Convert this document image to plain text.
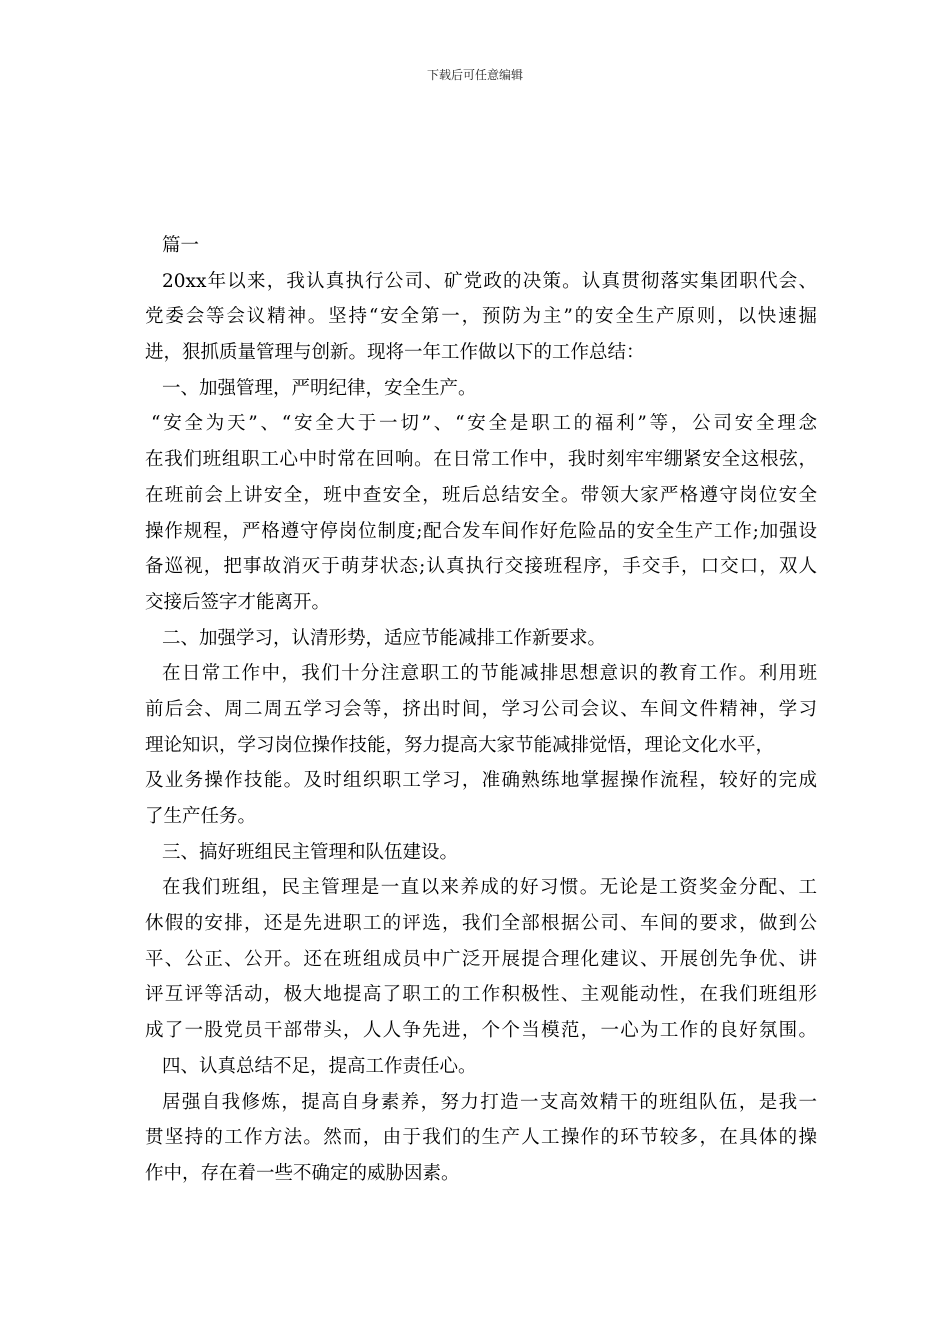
下载后可任意编辑
篇一
20xx年以来，我认真执行公司、矿党政的决策。认真贯彻落实集团职代会、
党委会等会议精神。坚持“安全第一，预防为主”的安全生产原则，以快速掘
进，狠抓质量管理与创新。现将一年工作做以下的工作总结：
一、加强管理，严明纪律，安全生产。
“安全为天”、“安全大于一切”、“安全是职工的福利”等，公司安全理念
在我们班组职工心中时常在回响。在日常工作中，我时刻牢牢绷紧安全这根弦，
在班前会上讲安全，班中查安全，班后总结安全。带领大家严格遵守岗位安全
操作规程，严格遵守停岗位制度;配合发车间作好危险品的安全生产工作;加强设
备巡视，把事故消灭于萌芽状态;认真执行交接班程序，手交手，口交口，双人
交接后签字才能离开。
二、加强学习，认清形势，适应节能减排工作新要求。
在日常工作中，我们十分注意职工的节能减排思想意识的教育工作。利用班
前后会、周二周五学习会等，挤出时间，学习公司会议、车间文件精神，学习
理论知识，学习岗位操作技能，努力提高大家节能减排觉悟，理论文化水平，
及业务操作技能。及时组织职工学习，准确熟练地掌握操作流程，较好的完成
了生产任务。
三、搞好班组民主管理和队伍建设。
在我们班组，民主管理是一直以来养成的好习惯。无论是工资奖金分配、工
休假的安排，还是先进职工的评选，我们全部根据公司、车间的要求，做到公
平、公正、公开。还在班组成员中广泛开展提合理化建议、开展创先争优、讲
评互评等活动，极大地提高了职工的工作积极性、主观能动性，在我们班组形
成了一股党员干部带头，人人争先进，个个当模范，一心为工作的良好氛围。
四、认真总结不足，提高工作责任心。
居强自我修炼，提高自身素养，努力打造一支高效精干的班组队伍，是我一
贯坚持的工作方法。然而，由于我们的生产人工操作的环节较多，在具体的操
作中，存在着一些不确定的威胁因素。
